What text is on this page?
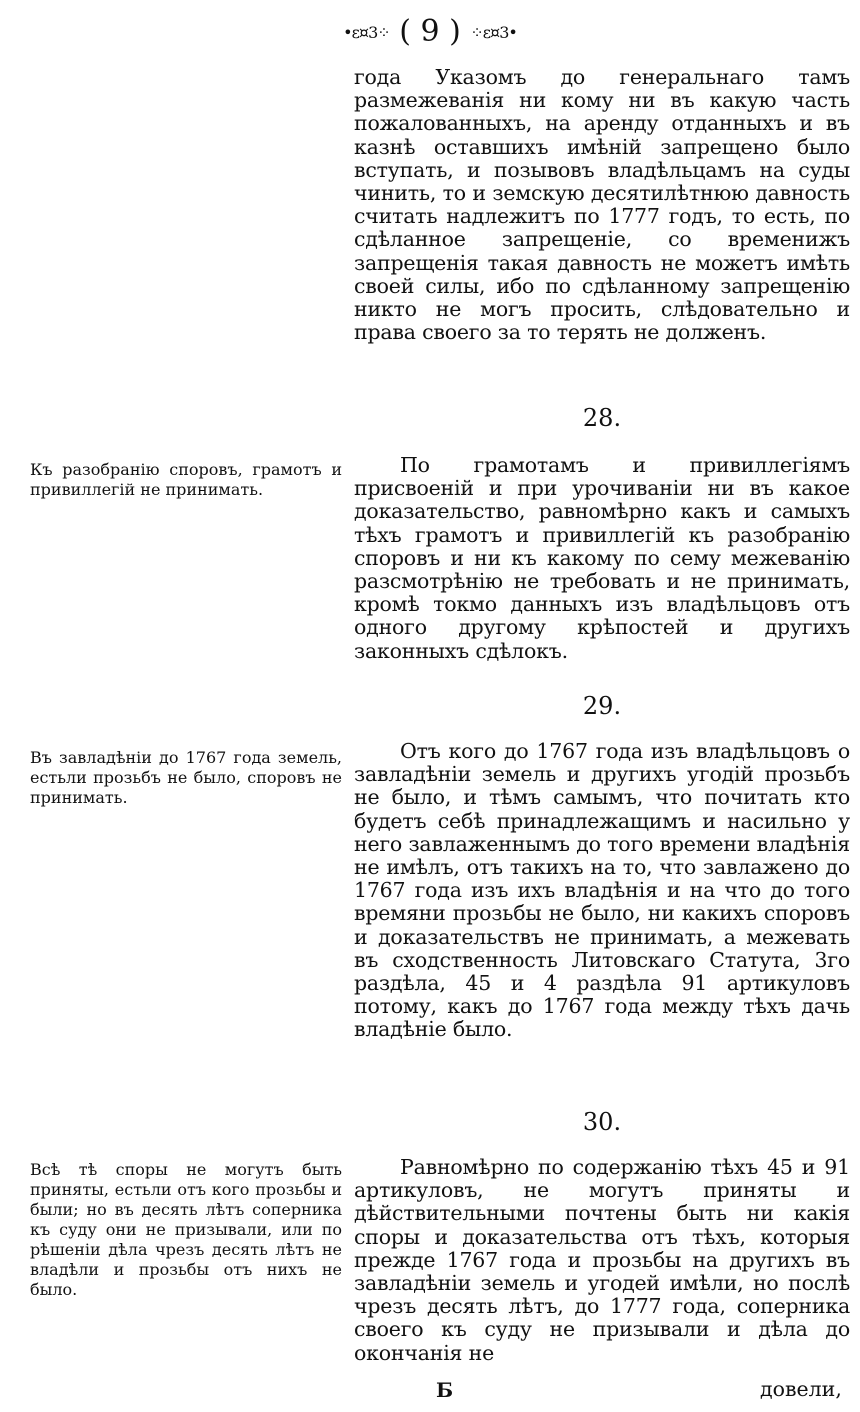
•ε¤3⁘ ( 9 ) ⁘ε¤3•

года Указомъ до генеральнаго тамъ размежеванія ни кому ни въ какую часть пожалованныхъ, на аренду отданныхъ и въ казнѣ оставшихъ имѣній запрещено было вступать, и позывовъ владѣльцамъ на суды чинить, то и земскую десятилѣтнюю давность считать надлежитъ по 1777 годъ, то есть, по сдѣланное запрещеніе, со временижъ запрещенія такая давность не можетъ имѣть своей силы, ибо по сдѣланному запрещенію никто не могъ просить, слѣдовательно и права своего за то терять не долженъ.

28.
Къ разобранію споровъ, грамотъ и привиллегій не принимать.

По грамотамъ и привиллегіямъ присвоеній и при урочиваніи ни въ какое доказательство, равномѣрно какъ и самыхъ тѣхъ грамотъ и привиллегій къ разобранію споровъ и ни къ какому по сему межеванію разсмотрѣнію не требовать и не принимать, кромѣ токмо данныхъ изъ владѣльцовъ отъ одного другому крѣпостей и другихъ законныхъ сдѣлокъ.

29.
Въ завладѣніи до 1767 года земель, естьли прозьбъ не было, споровъ не принимать.

Отъ кого до 1767 года изъ владѣльцовъ о завладѣніи земель и другихъ угодій прозьбъ не было, и тѣмъ самымъ, что почитать кто будетъ себѣ принадлежащимъ и насильно у него завлаженнымъ до того времени владѣнія не имѣлъ, отъ такихъ на то, что завлажено до 1767 года изъ ихъ владѣнія и на что до того времяни прозьбы не было, ни какихъ споровъ и доказательствъ не принимать, а межевать въ сходственность Литовскаго Статута, 3го раздѣла, 45 и 4 раздѣла 91 артикуловъ потому, какъ до 1767 года между тѣхъ дачь владѣніе было.

30.
Всѣ тѣ споры не могутъ быть приняты, естьли отъ кого прозьбы и были; но въ десять лѣтъ соперника къ суду они не призывали, или по рѣшеніи дѣла чрезъ десять лѣтъ не владѣли и прозьбы отъ нихъ не было.

Равномѣрно по содержанію тѣхъ 45 и 91 артикуловъ, не могутъ приняты и дѣйствительными почтены быть ни какія споры и доказательства отъ тѣхъ, которыя прежде 1767 года и прозьбы на другихъ въ завладѣніи земель и угодей имѣли, но послѣ чрезъ десять лѣтъ, до 1777 года, соперника своего къ суду не призывали и дѣла до окончанія не

Б	довели,
